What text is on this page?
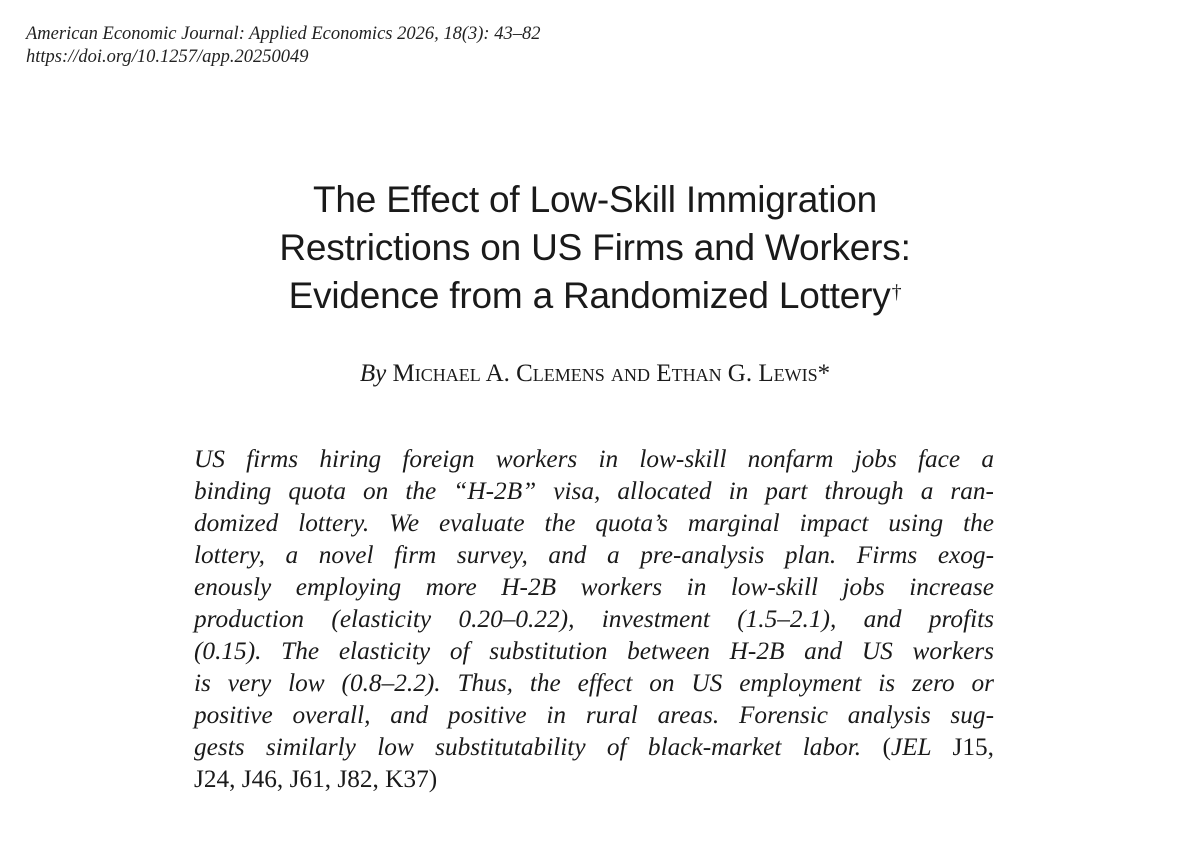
American Economic Journal: Applied Economics 2026, 18(3): 43–82
https://doi.org/10.1257/app.20250049
The Effect of Low-Skill Immigration
Restrictions on US Firms and Workers:
Evidence from a Randomized Lottery†
By Michael A. Clemens and Ethan G. Lewis*
US firms hiring foreign workers in low-skill nonfarm jobs face a
binding quota on the “H-2B” visa, allocated in part through a ran-
domized lottery. We evaluate the quota’s marginal impact using the
lottery, a novel firm survey, and a pre-analysis plan. Firms exog-
enously employing more H-2B workers in low-skill jobs increase
production (elasticity 0.20–0.22), investment (1.5–2.1), and profits
(0.15). The elasticity of substitution between H-2B and US workers
is very low (0.8–2.2). Thus, the effect on US employment is zero or
positive overall, and positive in rural areas. Forensic analysis sug-
gests similarly low substitutability of black-market labor. (JEL J15,
J24, J46, J61, J82, K37)
